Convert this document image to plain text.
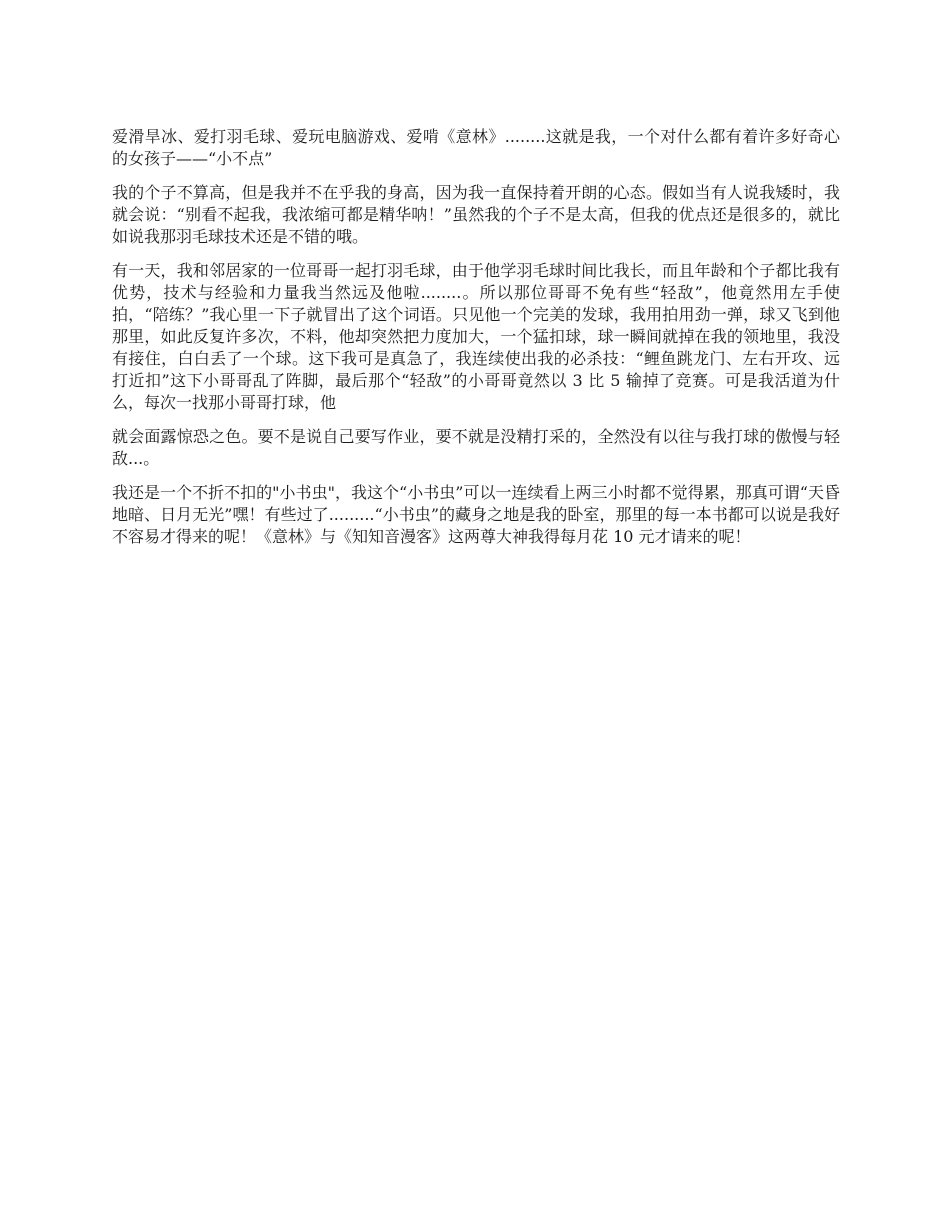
爱滑旱冰、爱打羽毛球、爱玩电脑游戏、爱啃《意林》........这就是我，一个对什么都有着许多好奇心的女孩子——“小不点”

我的个子不算高，但是我并不在乎我的身高，因为我一直保持着开朗的心态。假如当有人说我矮时，我就会说：“别看不起我，我浓缩可都是精华呐！”虽然我的个子不是太高，但我的优点还是很多的，就比如说我那羽毛球技术还是不错的哦。

有一天，我和邻居家的一位哥哥一起打羽毛球，由于他学羽毛球时间比我长，而且年龄和个子都比我有优势，技术与经验和力量我当然远及他啦........。所以那位哥哥不免有些“轻敌”，他竟然用左手使拍，“陪练？”我心里一下子就冒出了这个词语。只见他一个完美的发球，我用拍用劲一弹，球又飞到他那里，如此反复许多次，不料，他却突然把力度加大，一个猛扣球，球一瞬间就掉在我的领地里，我没有接住，白白丢了一个球。这下我可是真急了，我连续使出我的必杀技：“鲤鱼跳龙门、左右开攻、远打近扣”这下小哥哥乱了阵脚，最后那个“轻敌”的小哥哥竟然以 3 比 5 输掉了竞赛。可是我活道为什么，每次一找那小哥哥打球，他

就会面露惊恐之色。要不是说自己要写作业，要不就是没精打采的，全然没有以往与我打球的傲慢与轻敌...。

我还是一个不折不扣的"小书虫"，我这个“小书虫”可以一连续看上两三小时都不觉得累，那真可谓“天昏地暗、日月无光”嘿！有些过了.........“小书虫”的藏身之地是我的卧室，那里的每一本书都可以说是我好不容易才得来的呢！《意林》与《知知音漫客》这两尊大神我得每月花 10 元才请来的呢！
